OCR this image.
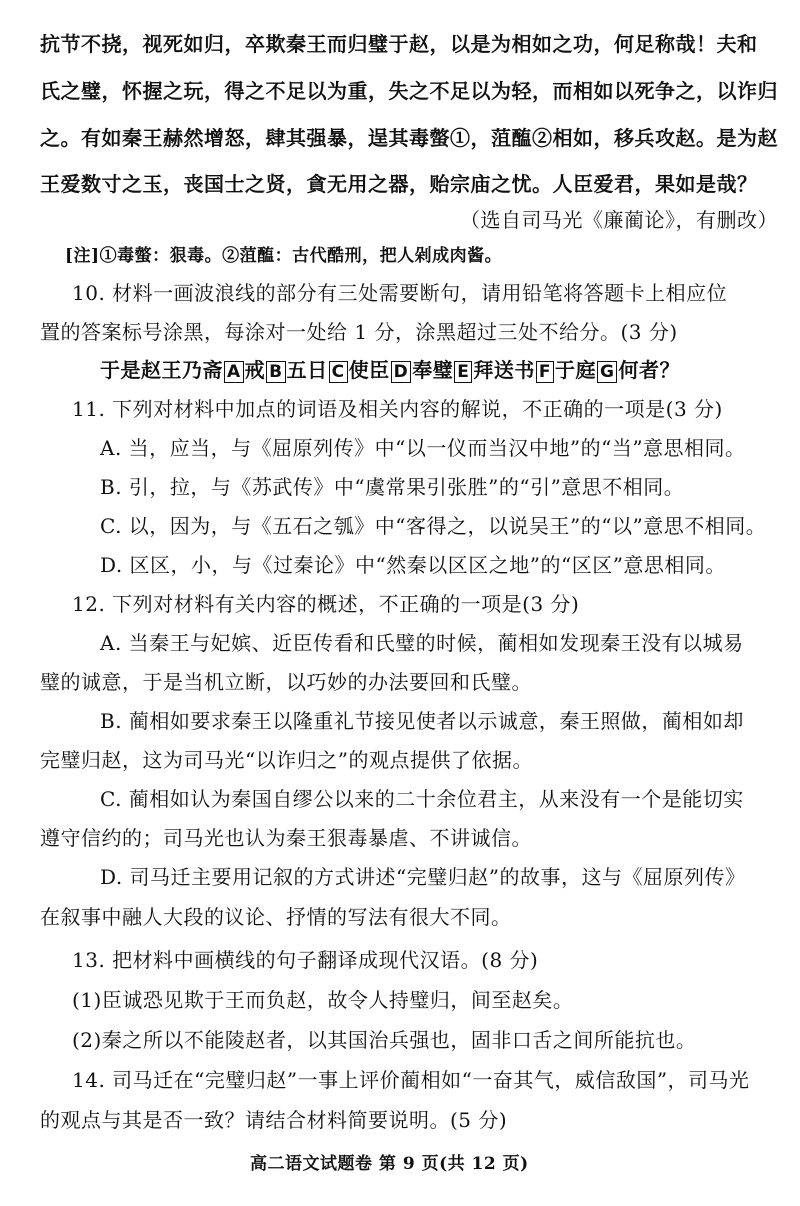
抗节不挠，视死如归，卒欺秦王而归璧于赵，以是为相如之功，何足称哉！夫和
氏之璧，怀握之玩，得之不足以为重，失之不足以为轻，而相如以死争之，以诈归
之。有如秦王赫然增怒，肆其强暴，逞其毒螫①，菹醢②相如，移兵攻赵。是为赵
王爱数寸之玉，丧国士之贤，貪无用之器，贻宗庙之忧。人臣爱君，果如是哉？
（选自司马光《廉蔺论》，有删改）
[注]①毒螫：狠毒。②菹醢：古代酷刑，把人剁成肉酱。
10. 材料一画波浪线的部分有三处需要断句，请用铅笔将答题卡上相应位
置的答案标号涂黑，每涂对一处给 1 分，涂黑超过三处不给分。(3 分)
于是赵王乃斋 A 戒 B 五日 C 使臣 D 奉璧 E 拜送书 F 于庭 G 何者？
11. 下列对材料中加点的词语及相关内容的解说，不正确的一项是(3 分)
A. 当，应当，与《屈原列传》中“以一仪而当汉中地”的“当”意思相同。
B. 引，拉，与《苏武传》中“虞常果引张胜”的“引”意思不相同。
C. 以，因为，与《五石之瓠》中“客得之，以说吴王”的“以”意思不相同。
D. 区区，小，与《过秦论》中“然秦以区区之地”的“区区”意思相同。
12. 下列对材料有关内容的概述，不正确的一项是(3 分)
A. 当秦王与妃嫔、近臣传看和氏璧的时候，蔺相如发现秦王没有以城易
璧的诚意，于是当机立断，以巧妙的办法要回和氏璧。
B. 蔺相如要求秦王以隆重礼节接见使者以示诚意，秦王照做，蔺相如却
完璧归赵，这为司马光“以诈归之”的观点提供了依据。
C. 蔺相如认为秦国自缪公以来的二十余位君主，从来没有一个是能切实
遵守信约的；司马光也认为秦王狠毒暴虐、不讲诚信。
D. 司马迁主要用记叙的方式讲述“完璧归赵”的故事，这与《屈原列传》
在叙事中融人大段的议论、抒情的写法有很大不同。
13. 把材料中画横线的句子翻译成现代汉语。(8 分)
(1)臣诚恐见欺于王而负赵，故令人持璧归，间至赵矣。
(2)秦之所以不能陵赵者，以其国治兵强也，固非口舌之间所能抗也。
14. 司马迁在“完璧归赵”一事上评价蔺相如“一奋其气，威信敌国”，司马光
的观点与其是否一致？请结合材料简要说明。(5 分)
高二语文试题卷 第 9 页(共 12 页)
